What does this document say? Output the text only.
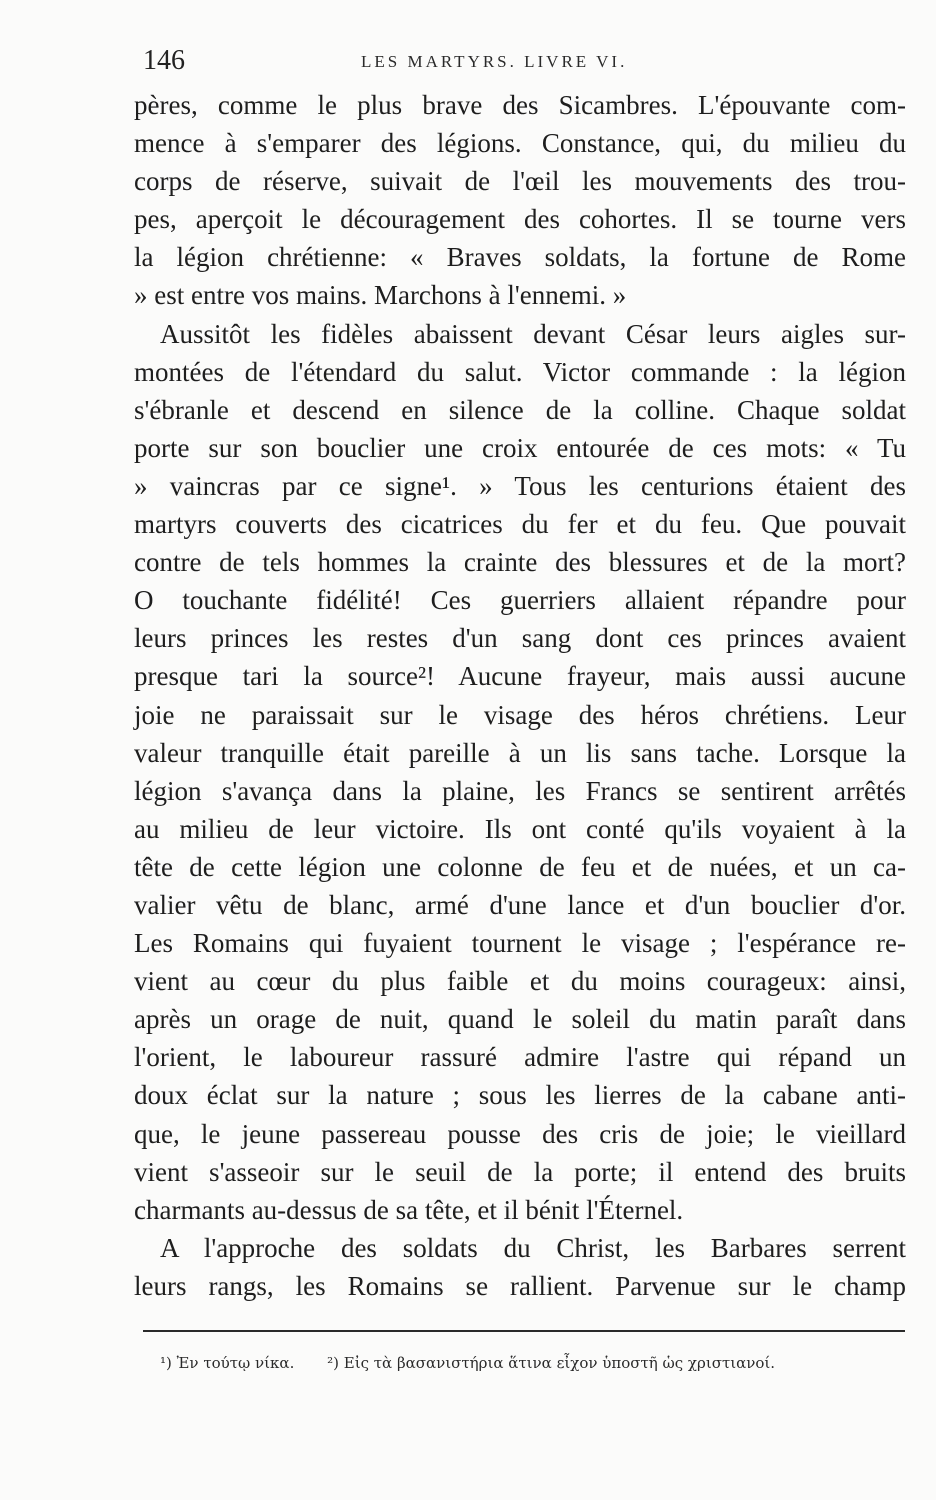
146	LES MARTYRS. LIVRE VI.
pères, comme le plus brave des Sicambres. L'épouvante com-
mence à s'emparer des légions. Constance, qui, du milieu du
corps de réserve, suivait de l'œil les mouvements des trou-
pes, aperçoit le découragement des cohortes. Il se tourne vers
la légion chrétienne: « Braves soldats, la fortune de Rome
» est entre vos mains. Marchons à l'ennemi. »
Aussitôt les fidèles abaissent devant César leurs aigles sur-
montées de l'étendard du salut. Victor commande : la légion
s'ébranle et descend en silence de la colline. Chaque soldat
porte sur son bouclier une croix entourée de ces mots: « Tu
» vaincras par ce signe¹. » Tous les centurions étaient des
martyrs couverts des cicatrices du fer et du feu. Que pouvait
contre de tels hommes la crainte des blessures et de la mort?
O touchante fidélité! Ces guerriers allaient répandre pour
leurs princes les restes d'un sang dont ces princes avaient
presque tari la source²! Aucune frayeur, mais aussi aucune
joie ne paraissait sur le visage des héros chrétiens. Leur
valeur tranquille était pareille à un lis sans tache. Lorsque la
légion s'avança dans la plaine, les Francs se sentirent arrêtés
au milieu de leur victoire. Ils ont conté qu'ils voyaient à la
tête de cette légion une colonne de feu et de nuées, et un ca-
valier vêtu de blanc, armé d'une lance et d'un bouclier d'or.
Les Romains qui fuyaient tournent le visage ; l'espérance re-
vient au cœur du plus faible et du moins courageux: ainsi,
après un orage de nuit, quand le soleil du matin paraît dans
l'orient, le laboureur rassuré admire l'astre qui répand un
doux éclat sur la nature ; sous les lierres de la cabane anti-
que, le jeune passereau pousse des cris de joie; le vieillard
vient s'asseoir sur le seuil de la porte; il entend des bruits
charmants au-dessus de sa tête, et il bénit l'Éternel.
A l'approche des soldats du Christ, les Barbares serrent
leurs rangs, les Romains se rallient. Parvenue sur le champ
¹) Ἐν τούτῳ νίκα. ²) Εἰς τὰ βασανιστήρια ἅτινα εἶχον ὑποστῆ ὡς χριστιανοί.
